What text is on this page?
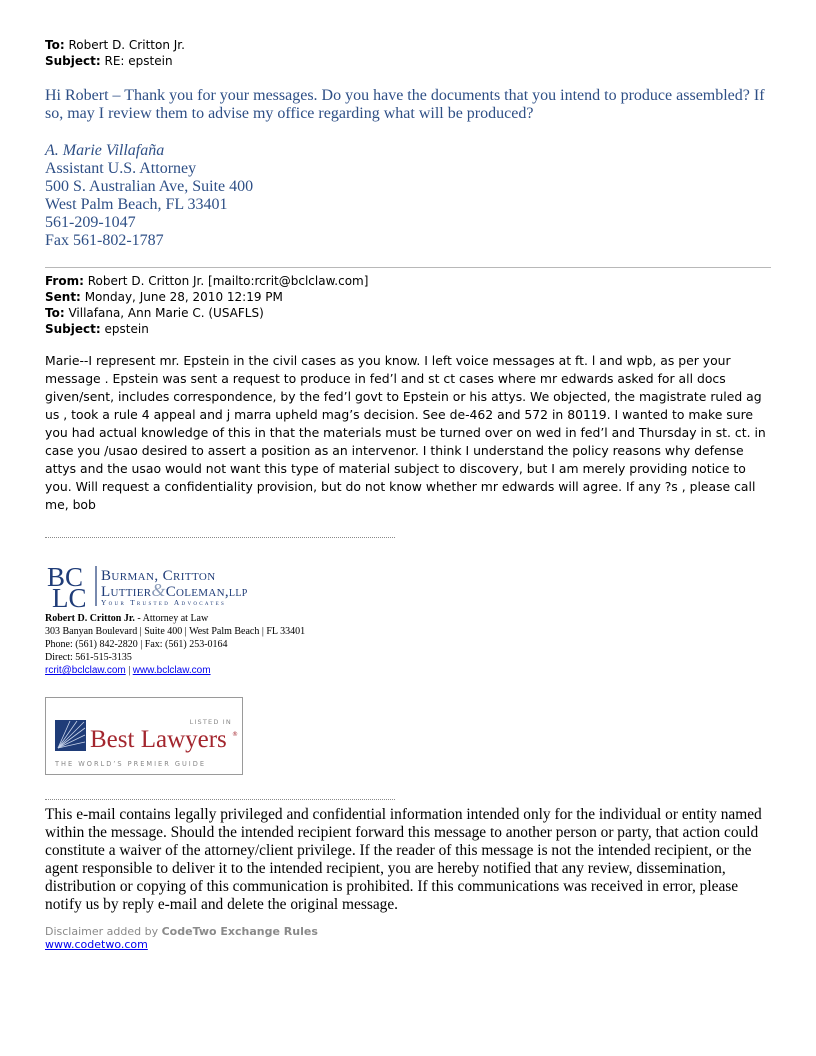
To: Robert D. Critton Jr.
Subject: RE: epstein
Hi Robert – Thank you for your messages. Do you have the documents that you intend to produce assembled? If so, may I review them to advise my office regarding what will be produced?
A. Marie Villafaña
Assistant U.S. Attorney
500 S. Australian Ave, Suite 400
West Palm Beach, FL 33401
561-209-1047
Fax 561-802-1787
From: Robert D. Critton Jr. [mailto:rcrit@bclclaw.com]
Sent: Monday, June 28, 2010 12:19 PM
To: Villafana, Ann Marie C. (USAFLS)
Subject: epstein
Marie--I represent mr. Epstein in the civil cases as you know. I left voice messages at ft. l and wpb, as per your message . Epstein was sent a request to produce in fed’l and st ct cases where mr edwards asked for all docs given/sent, includes correspondence, by the fed’l govt to Epstein or his attys. We objected, the magistrate ruled ag us , took a rule 4 appeal and j marra upheld mag’s decision. See de-462 and 572 in 80119. I wanted to make sure you had actual knowledge of this in that the materials must be turned over on wed in fed’l and Thursday in st. ct. in case you /usao desired to assert a position as an intervenor. I think I understand the policy reasons why defense attys and the usao would not want this type of material subject to discovery, but I am merely providing notice to you. Will request a confidentiality provision, but do not know whether mr edwards will agree. If any ?s , please call me, bob
BC
LC
Burman, Critton
Luttier&Coleman,LLP
Your Trusted Advocates
Robert D. Critton Jr. - Attorney at Law
303 Banyan Boulevard | Suite 400 | West Palm Beach | FL 33401
Phone: (561) 842-2820 | Fax: (561) 253-0164
Direct: 561-515-3135
rcrit@bclclaw.com | www.bclclaw.com
LISTED IN
Best Lawyers ®
THE WORLD’S PREMIER GUIDE
This e-mail contains legally privileged and confidential information intended only for the individual or entity named within the message. Should the intended recipient forward this message to another person or party, that action could constitute a waiver of the attorney/client privilege. If the reader of this message is not the intended recipient, or the agent responsible to deliver it to the intended recipient, you are hereby notified that any review, dissemination, distribution or copying of this communication is prohibited. If this communications was received in error, please notify us by reply e-mail and delete the original message.
Disclaimer added by CodeTwo Exchange Rules
www.codetwo.com
